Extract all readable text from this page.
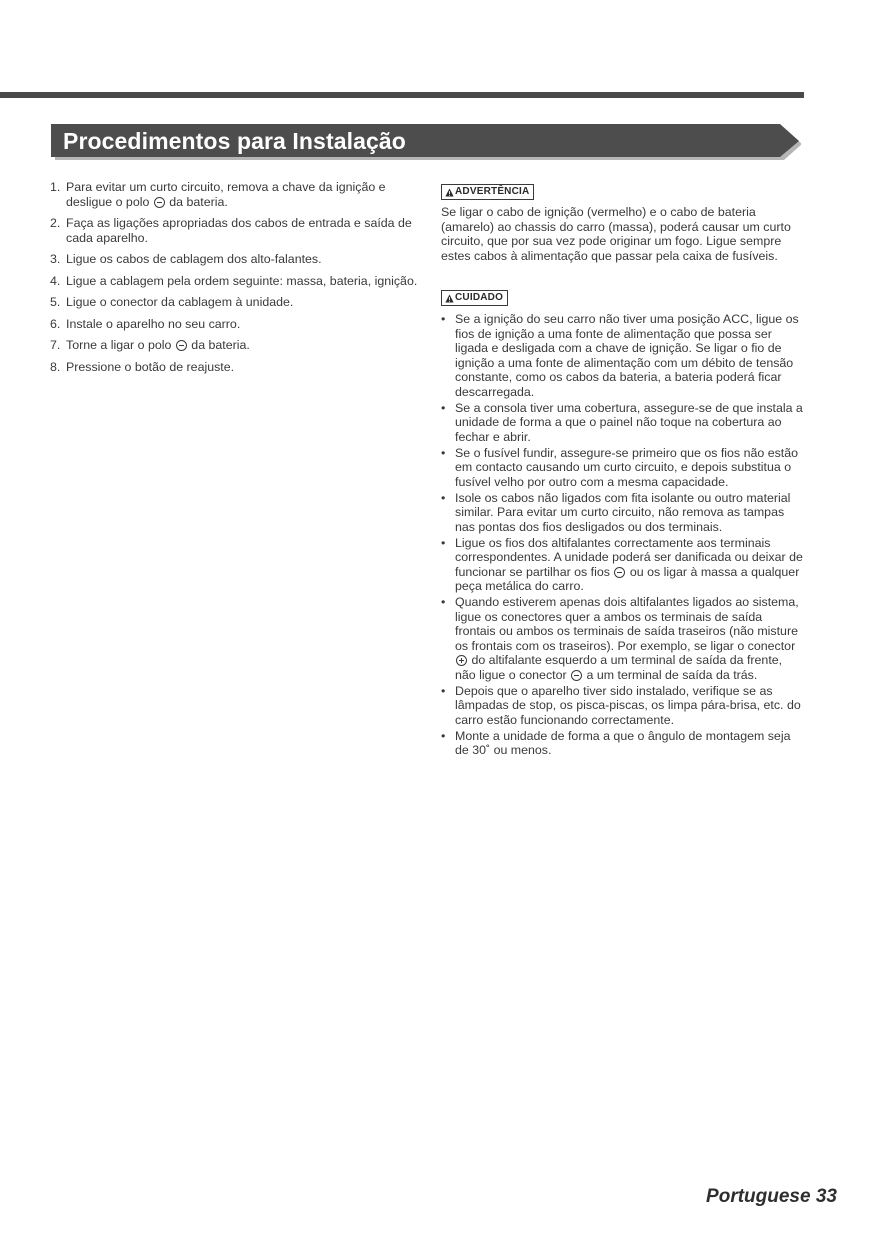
Procedimentos para Instalação
1. Para evitar um curto circuito, remova a chave da ignição e desligue o polo da bateria.
2. Faça as ligações apropriadas dos cabos de entrada e saída de cada aparelho.
3. Ligue os cabos de cablagem dos alto-falantes.
4. Ligue a cablagem pela ordem seguinte: massa, bateria, ignição.
5. Ligue o conector da cablagem à unidade.
6. Instale o aparelho no seu carro.
7. Torne a ligar o polo da bateria.
8. Pressione o botão de reajuste.
ADVERTÊNCIA

Se ligar o cabo de ignição (vermelho) e o cabo de bateria (amarelo) ao chassis do carro (massa), poderá causar um curto circuito, que por sua vez pode originar um fogo. Ligue sempre estes cabos à alimentação que passar pela caixa de fusíveis.

CUIDADO
• Se a ignição do seu carro não tiver uma posição ACC, ligue os fios de ignição a uma fonte de alimentação que possa ser ligada e desligada com a chave de ignição. Se ligar o fio de ignição a uma fonte de alimentação com um débito de tensão constante, como os cabos da bateria, a bateria poderá ficar descarregada.
• Se a consola tiver uma cobertura, assegure-se de que instala a unidade de forma a que o painel não toque na cobertura ao fechar e abrir.
• Se o fusível fundir, assegure-se primeiro que os fios não estão em contacto causando um curto circuito, e depois substitua o fusível velho por outro com a mesma capacidade.
• Isole os cabos não ligados com fita isolante ou outro material similar. Para evitar um curto circuito, não remova as tampas nas pontas dos fios desligados ou dos terminais.
• Ligue os fios dos altifalantes correctamente aos terminais correspondentes. A unidade poderá ser danificada ou deixar de funcionar se partilhar os fios ou os ligar à massa a qualquer peça metálica do carro.
• Quando estiverem apenas dois altifalantes ligados ao sistema, ligue os conectores quer a ambos os terminais de saída frontais ou ambos os terminais de saída traseiros (não misture os frontais com os traseiros). Por exemplo, se ligar o conector  do altifalante esquerdo a um terminal de saída da frente, não ligue o conector a um terminal de saída da trás.
• Depois que o aparelho tiver sido instalado, verifique se as lâmpadas de stop, os pisca-piscas, os limpa pára-brisa, etc. do carro estão funcionando correctamente.
• Monte a unidade de forma a que o ângulo de montagem seja de 30˚ ou menos.
Portuguese 33
